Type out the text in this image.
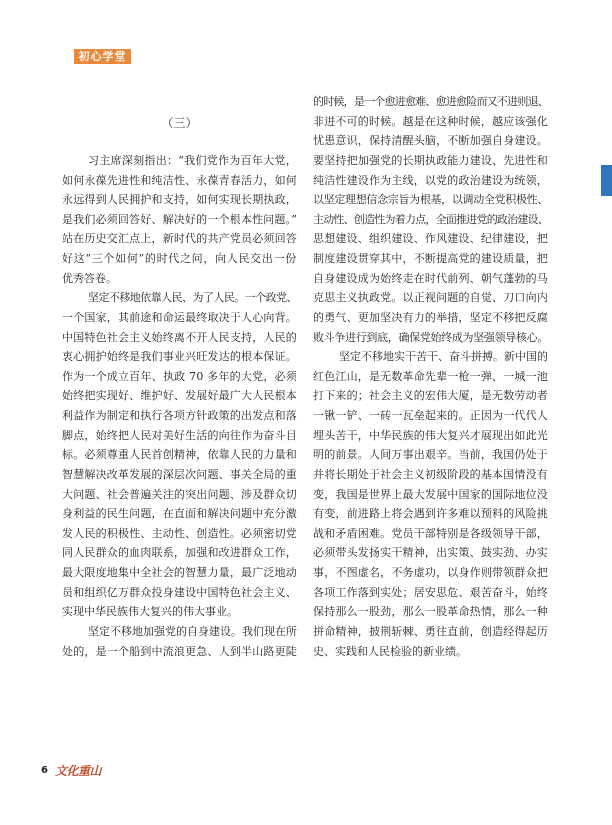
初心学堂
（三）
习主席深刻指出：“我们党作为百年大党，
如何永葆先进性和纯洁性、永葆青春活力，如何
永远得到人民拥护和支持，如何实现长期执政，
是我们必须回答好、解决好的一个根本性问题。”
站在历史交汇点上，新时代的共产党员必须回答
好这“三个如何”的时代之问，向人民交出一份
优秀答卷。
坚定不移地依靠人民、为了人民。一个政党、
一个国家，其前途和命运最终取决于人心向背。
中国特色社会主义始终离不开人民支持，人民的
衷心拥护始终是我们事业兴旺发达的根本保证。
作为一个成立百年、执政 70 多年的大党，必须
始终把实现好、维护好、发展好最广大人民根本
利益作为制定和执行各项方针政策的出发点和落
脚点，始终把人民对美好生活的向往作为奋斗目
标。必须尊重人民首创精神，依靠人民的力量和
智慧解决改革发展的深层次问题、事关全局的重
大问题、社会普遍关注的突出问题、涉及群众切
身利益的民生问题，在直面和解决问题中充分激
发人民的积极性、主动性、创造性。必须密切党
同人民群众的血肉联系，加强和改进群众工作，
最大限度地集中全社会的智慧力量，最广泛地动
员和组织亿万群众投身建设中国特色社会主义、
实现中华民族伟大复兴的伟大事业。
坚定不移地加强党的自身建设。我们现在所
处的，是一个船到中流浪更急、人到半山路更陡
的时候，是一个愈进愈难、愈进愈险而又不进则退、
非进不可的时候。越是在这种时候，越应该强化
忧患意识，保持清醒头脑，不断加强自身建设。
要坚持把加强党的长期执政能力建设、先进性和
纯洁性建设作为主线，以党的政治建设为统领，
以坚定理想信念宗旨为根基，以调动全党积极性、
主动性、创造性为着力点，全面推进党的政治建设、
思想建设、组织建设、作风建设、纪律建设，把
制度建设贯穿其中，不断提高党的建设质量，把
自身建设成为始终走在时代前列、朝气蓬勃的马
克思主义执政党。以正视问题的自觉、刀口向内
的勇气、更加坚决有力的举措，坚定不移把反腐
败斗争进行到底，确保党始终成为坚强领导核心。
坚定不移地实干苦干、奋斗拼搏。新中国的
红色江山，是无数革命先辈一枪一弹、一城一池
打下来的；社会主义的宏伟大厦，是无数劳动者
一锹一铲、一砖一瓦垒起来的。正因为一代代人
埋头苦干，中华民族的伟大复兴才展现出如此光
明的前景。人间万事出艰辛。当前，我国仍处于
并将长期处于社会主义初级阶段的基本国情没有
变，我国是世界上最大发展中国家的国际地位没
有变，前进路上将会遇到许多难以预料的风险挑
战和矛盾困难。党员干部特别是各级领导干部，
必须带头发扬实干精神，出实策、鼓实劲、办实
事，不图虚名，不务虚功，以身作则带领群众把
各项工作落到实处；居安思危、艰苦奋斗，始终
保持那么一股劲，那么一股革命热情，那么一种
拼命精神，披荆斩棘、勇往直前，创造经得起历
史、实践和人民检验的新业绩。
6 文化重山
